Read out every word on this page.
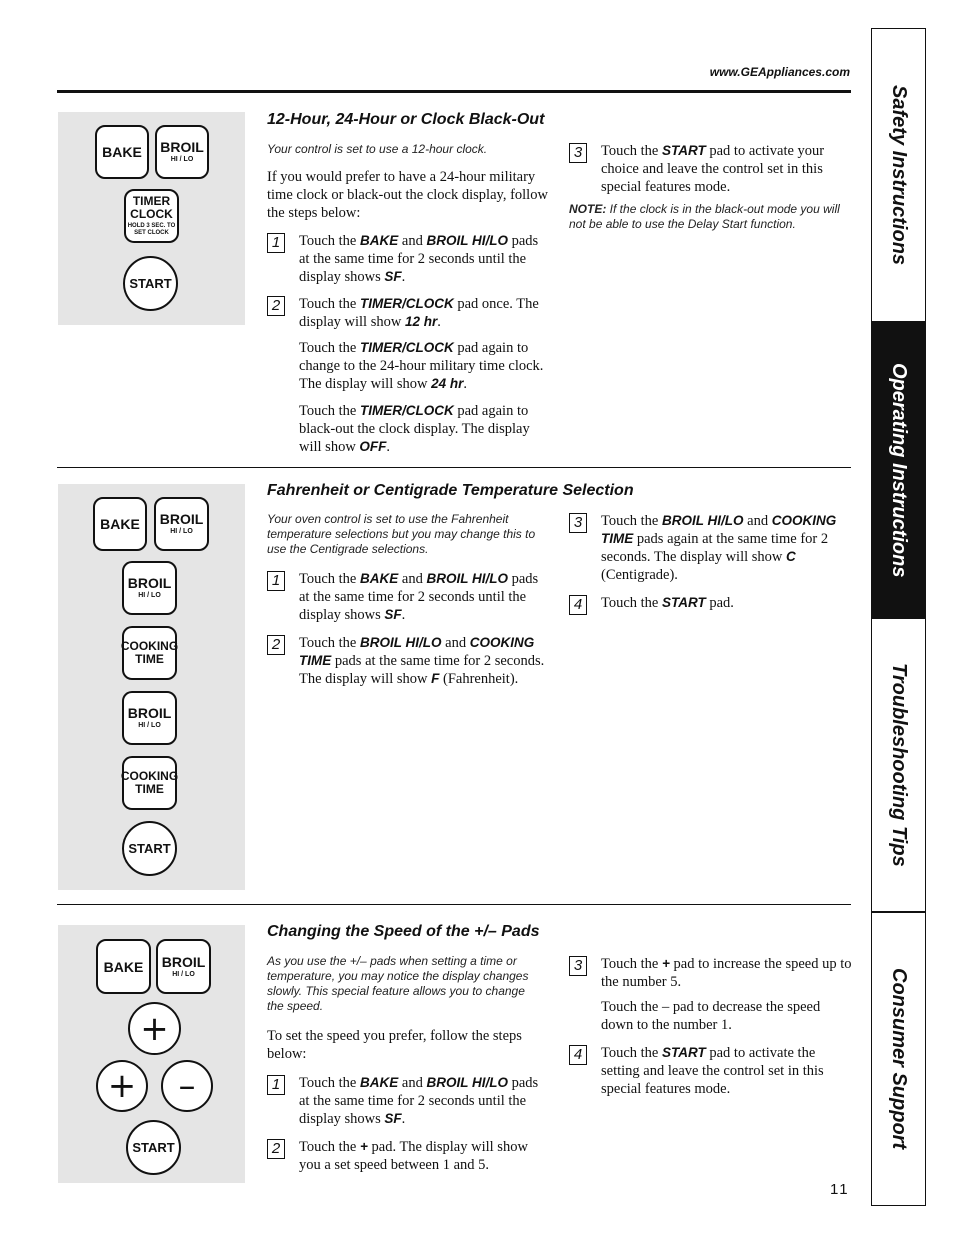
www.GEAppliances.com
Safety Instructions
Operating Instructions
Troubleshooting Tips
Consumer Support
BAKE BROIL
HI / LO
TIMER
CLOCK
HOLD 3 SEC. TO
SET CLOCK
START
12-Hour, 24-Hour or Clock Black-Out
Your control is set to use a 12-hour clock.
If you would prefer to have a 24-hour military time clock or black-out the clock display, follow the steps below:
1	Touch the BAKE and BROIL HI/LO pads at the same time for 2 seconds until the display shows SF.
2	Touch the TIMER/CLOCK pad once. The display will show 12 hr.
Touch the TIMER/CLOCK pad again to change to the 24-hour military time clock. The display will show 24 hr.
Touch the TIMER/CLOCK pad again to black-out the clock display. The display will show OFF.
3	Touch the START pad to activate your choice and leave the control set in this special features mode.
NOTE: If the clock is in the black-out mode you will not be able to use the Delay Start function.
BAKE BROIL
HI / LO
BROIL
HI / LO
COOKING
TIME
BROIL
HI / LO
COOKING
TIME
START
Fahrenheit or Centigrade Temperature Selection
Your oven control is set to use the Fahrenheit temperature selections but you may change this to use the Centigrade selections.
1	Touch the BAKE and BROIL HI/LO pads at the same time for 2 seconds until the display shows SF.
2	Touch the BROIL HI/LO and COOKING TIME pads at the same time for 2 seconds. The display will show F (Fahrenheit).
3	Touch the BROIL HI/LO and COOKING TIME pads again at the same time for 2 seconds. The display will show C (Centigrade).
4	Touch the START pad.
BAKE BROIL
HI / LO
+
+ –
START
Changing the Speed of the +/– Pads
As you use the +/– pads when setting a time or temperature, you may notice the display changes slowly. This special feature allows you to change the speed.
To set the speed you prefer, follow the steps below:
1	Touch the BAKE and BROIL HI/LO pads at the same time for 2 seconds until the display shows SF.
2	Touch the + pad. The display will show you a set speed between 1 and 5.
3	Touch the + pad to increase the speed up to the number 5.
Touch the – pad to decrease the speed down to the number 1.
4	Touch the START pad to activate the setting and leave the control set in this special features mode.
11
